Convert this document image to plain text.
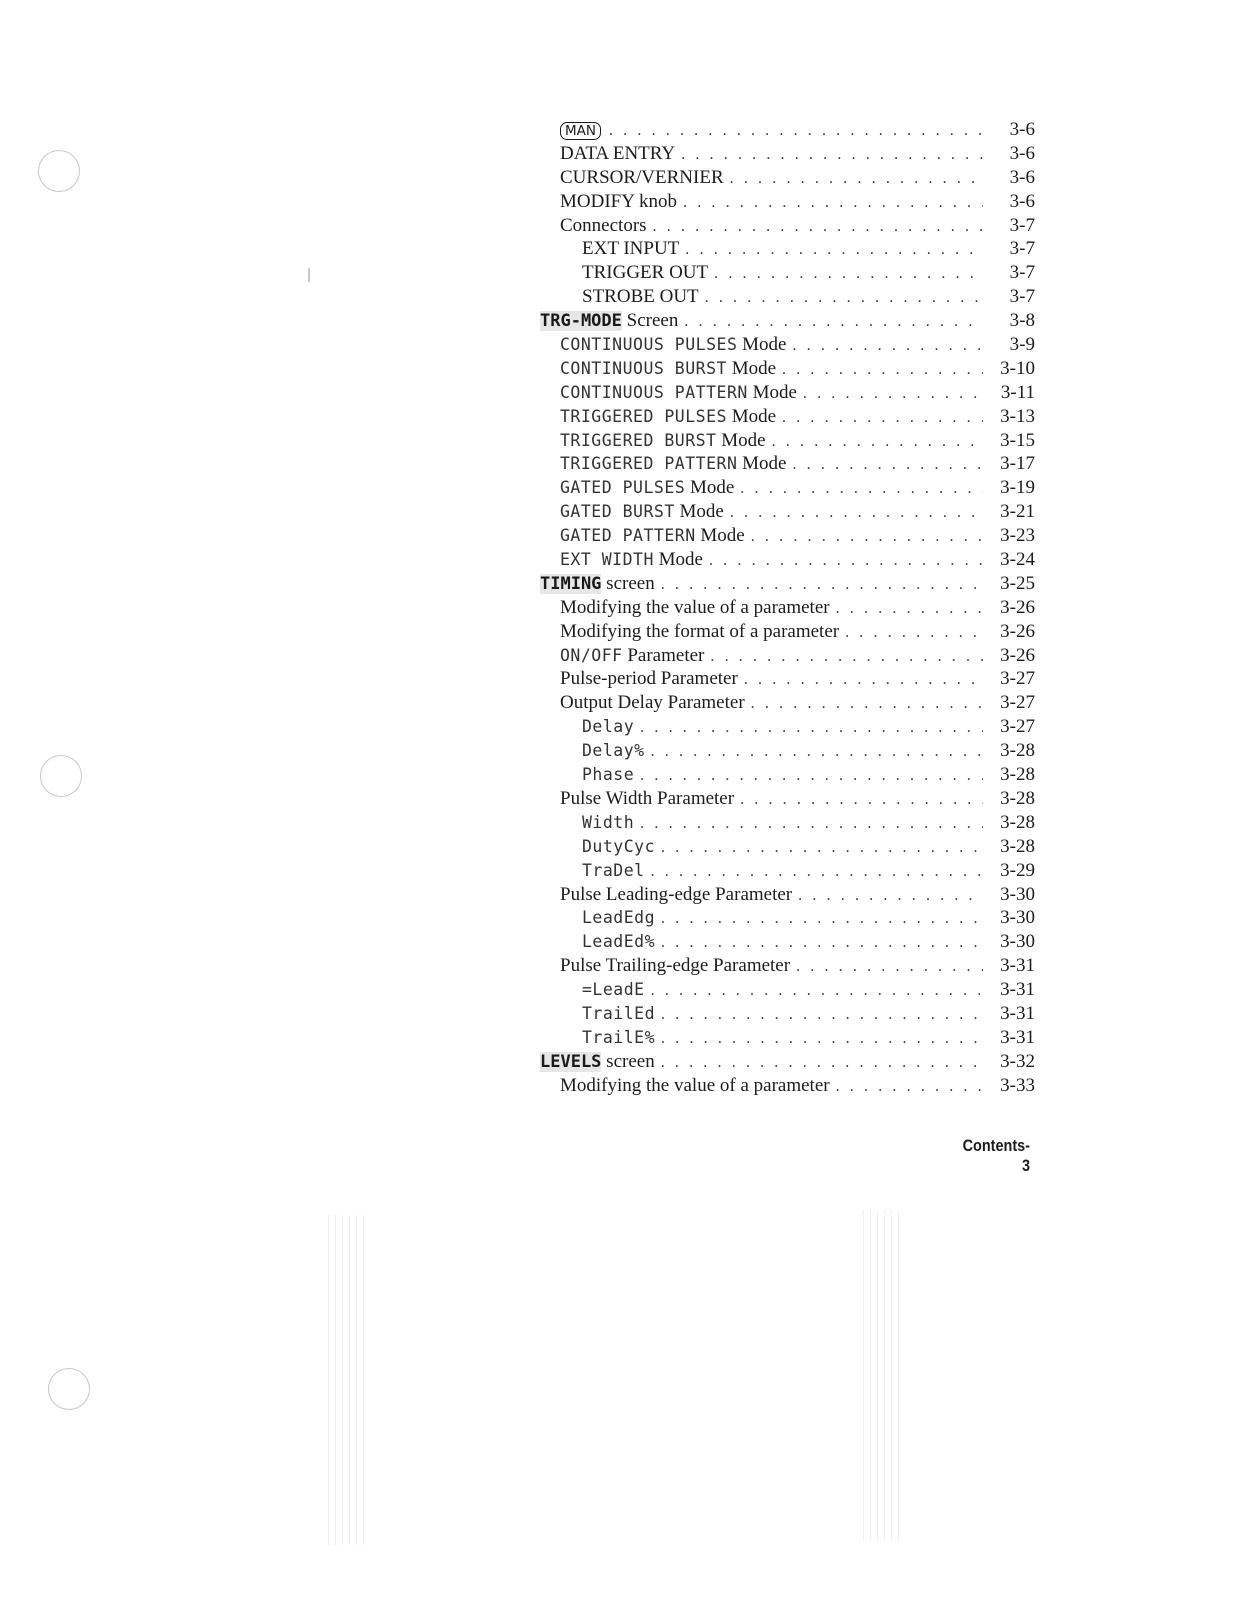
MAN . . .	3-6
DATA ENTRY . . .	3-6
CURSOR/VERNIER . . .	3-6
MODIFY knob . . .	3-6
Connectors . . .	3-7
EXT INPUT . . .	3-7
TRIGGER OUT . . .	3-7
STROBE OUT . . .	3-7
TRG-MODE Screen . . .	3-8
CONTINUOUS PULSES Mode . . .	3-9
CONTINUOUS BURST Mode . . .	3-10
CONTINUOUS PATTERN Mode . . .	3-11
TRIGGERED PULSES Mode . . .	3-13
TRIGGERED BURST Mode . . .	3-15
TRIGGERED PATTERN Mode . . .	3-17
GATED PULSES Mode . . .	3-19
GATED BURST Mode . . .	3-21
GATED PATTERN Mode . . .	3-23
EXT WIDTH Mode . . .	3-24
TIMING screen . . .	3-25
Modifying the value of a parameter . . .	3-26
Modifying the format of a parameter . . .	3-26
ON/OFF Parameter . . .	3-26
Pulse-period Parameter . . .	3-27
Output Delay Parameter . . .	3-27
Delay . . .	3-27
Delay% . . .	3-28
Phase . . .	3-28
Pulse Width Parameter . . .	3-28
Width . . .	3-28
DutyCyc . . .	3-28
TraDel . . .	3-29
Pulse Leading-edge Parameter . . .	3-30
LeadEdg . . .	3-30
LeadEd% . . .	3-30
Pulse Trailing-edge Parameter . . .	3-31
=LeadE . . .	3-31
TrailEd . . .	3-31
TrailE% . . .	3-31
LEVELS screen . . .	3-32
Modifying the value of a parameter . . .	3-33
Contents-3
